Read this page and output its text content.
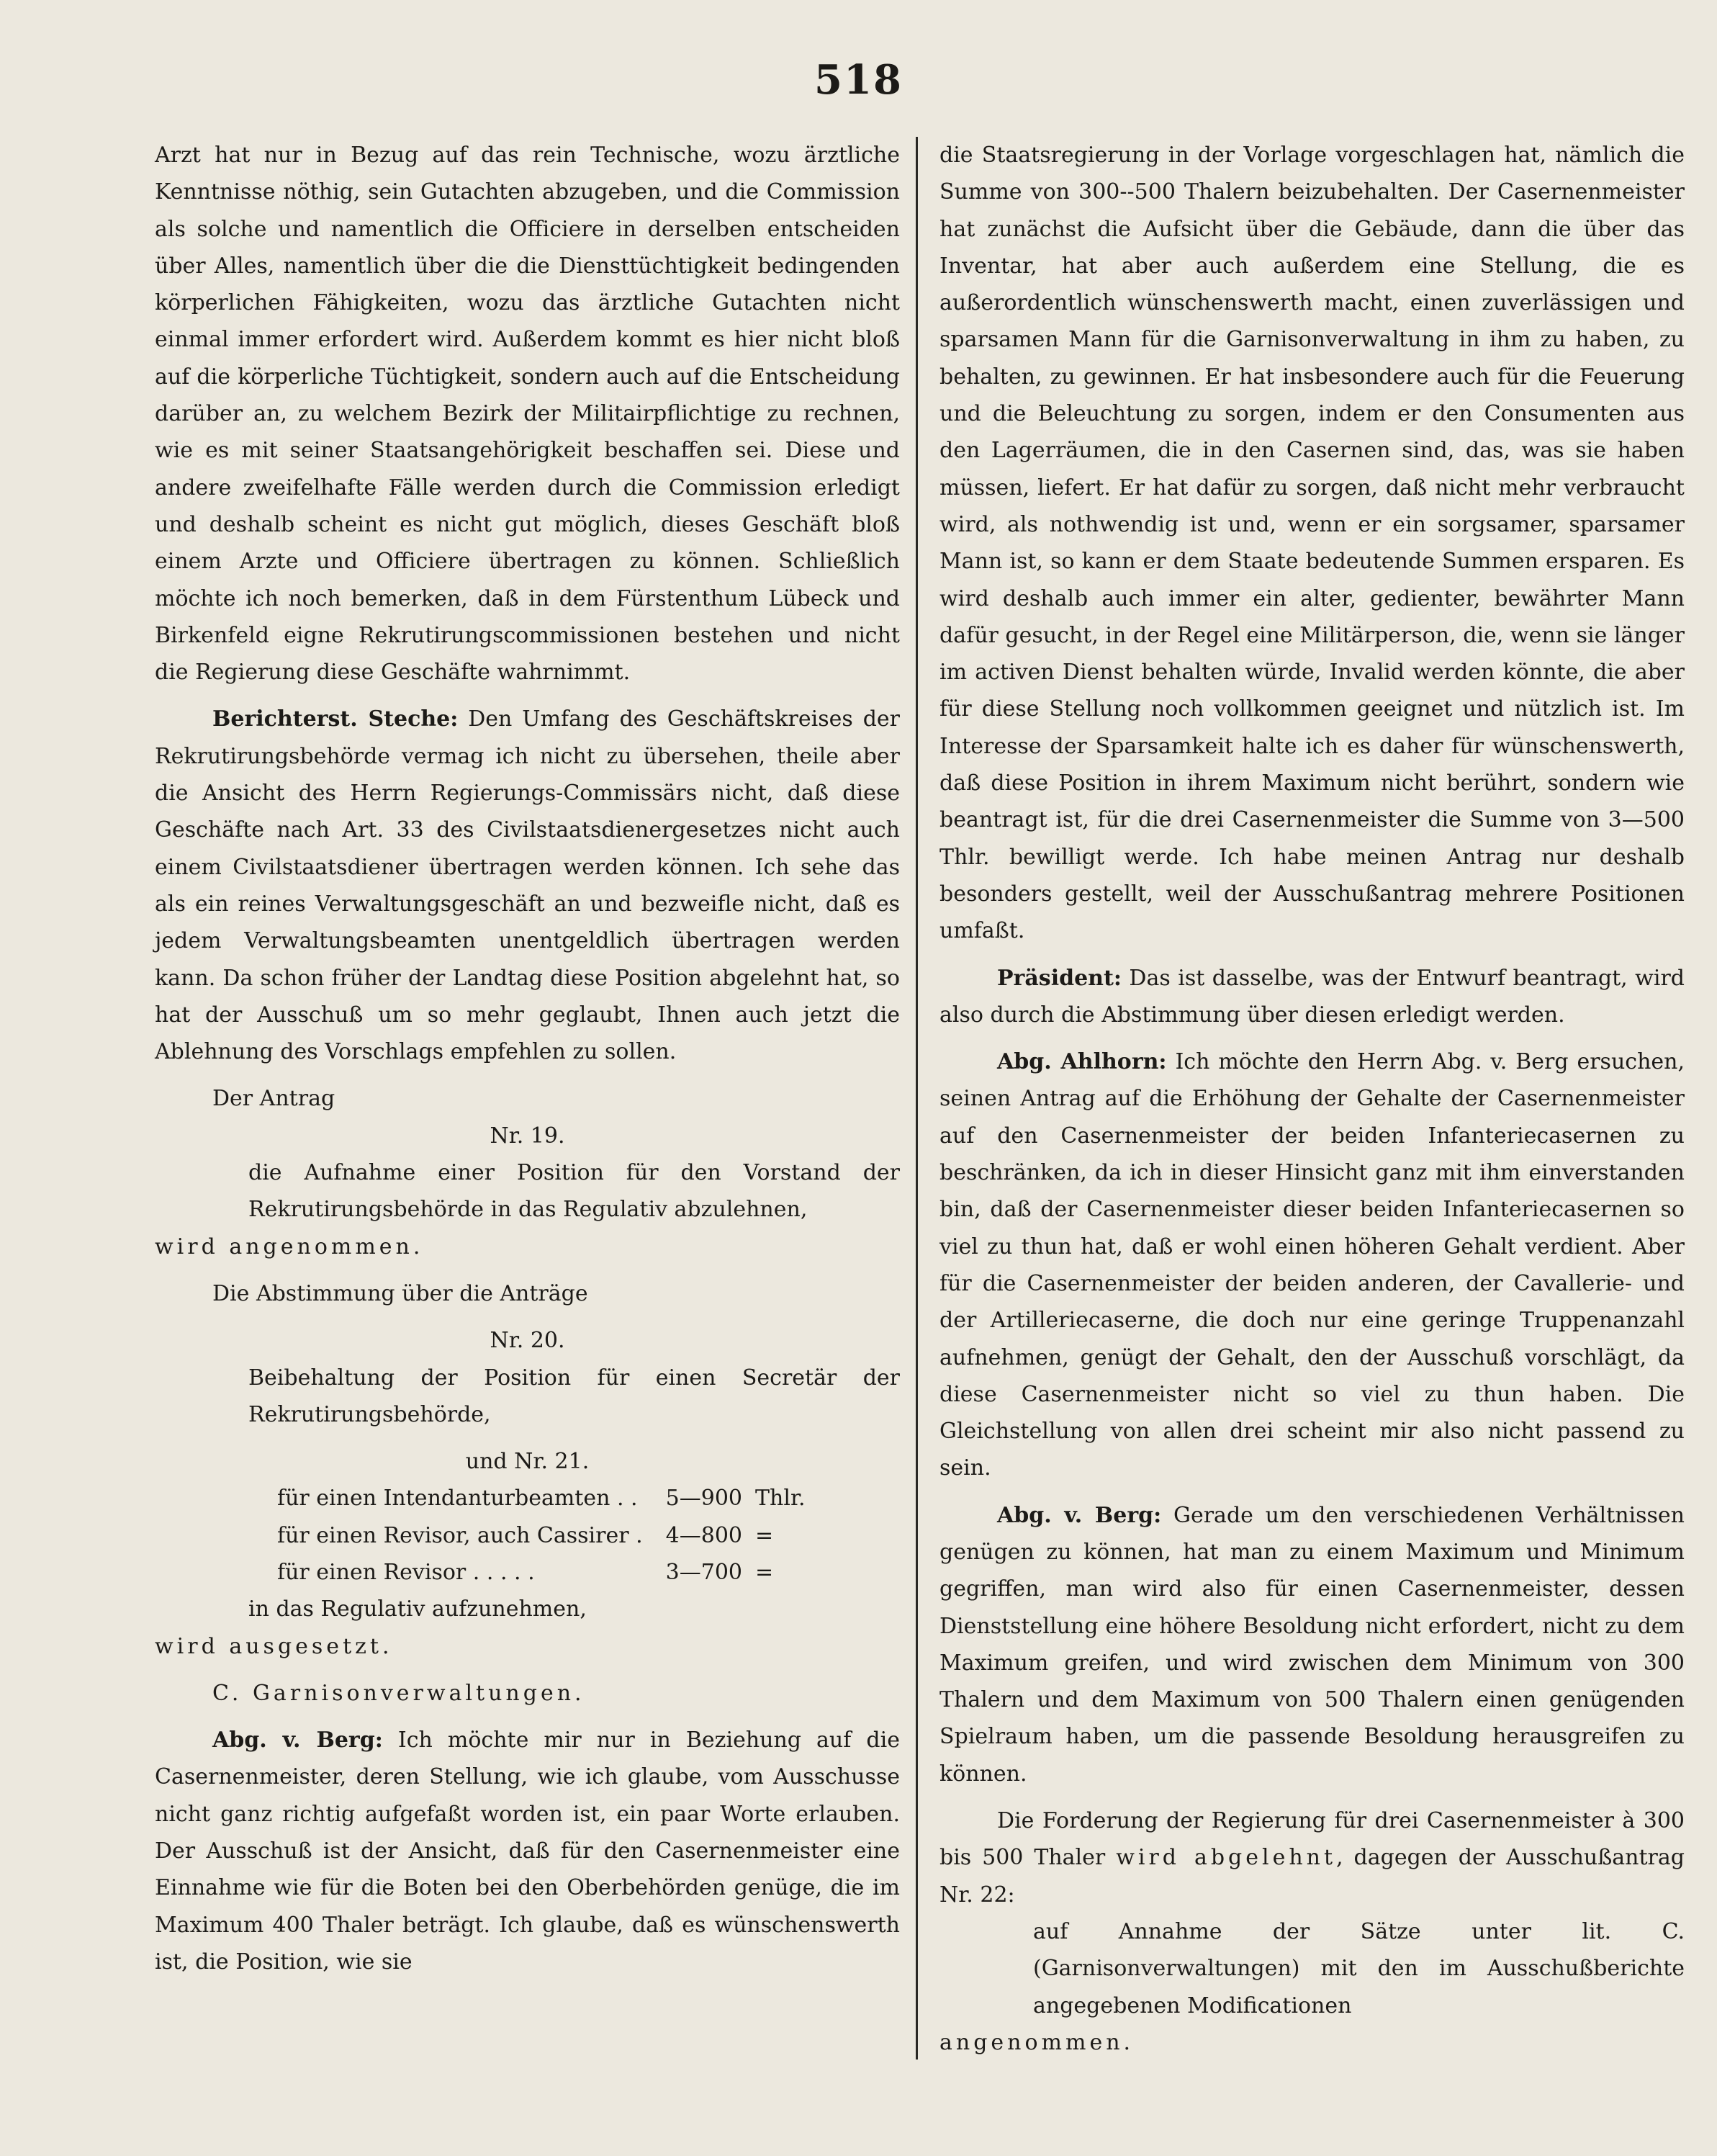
518

Arzt hat nur in Bezug auf das rein Technische, wozu ärztliche Kenntnisse nöthig, sein Gutachten abzugeben, und die Commission als solche und namentlich die Officiere in derselben entscheiden über Alles, namentlich über die die Diensttüchtigkeit bedingenden körperlichen Fähigkeiten, wozu das ärztliche Gutachten nicht einmal immer erfordert wird. Außerdem kommt es hier nicht bloß auf die körperliche Tüchtigkeit, sondern auch auf die Entscheidung darüber an, zu welchem Bezirk der Militairpflichtige zu rechnen, wie es mit seiner Staatsangehörigkeit beschaffen sei. Diese und andere zweifelhafte Fälle werden durch die Commission erledigt und deshalb scheint es nicht gut möglich, dieses Geschäft bloß einem Arzte und Officiere übertragen zu können. Schließlich möchte ich noch bemerken, daß in dem Fürstenthum Lübeck und Birkenfeld eigne Rekrutirungscommissionen bestehen und nicht die Regierung diese Geschäfte wahrnimmt.

Berichterst. Steche: Den Umfang des Geschäftskreises der Rekrutirungsbehörde vermag ich nicht zu übersehen, theile aber die Ansicht des Herrn Regierungs-Commissärs nicht, daß diese Geschäfte nach Art. 33 des Civilstaatsdienergesetzes nicht auch einem Civilstaatsdiener übertragen werden können. Ich sehe das als ein reines Verwaltungsgeschäft an und bezweifle nicht, daß es jedem Verwaltungsbeamten unentgeldlich übertragen werden kann. Da schon früher der Landtag diese Position abgelehnt hat, so hat der Ausschuß um so mehr geglaubt, Ihnen auch jetzt die Ablehnung des Vorschlags empfehlen zu sollen.

Der Antrag

Nr. 19.

die Aufnahme einer Position für den Vorstand der Rekrutirungsbehörde in das Regulativ abzulehnen,

wird angenommen.

Die Abstimmung über die Anträge

Nr. 20.

Beibehaltung der Position für einen Secretär der Rekrutirungsbehörde,

und Nr. 21.

für einen Intendanturbeamten . .	5—900	Thlr.
für einen Revisor, auch Cassirer .	4—800	=
für einen Revisor . . . . .	3—700	=

in das Regulativ aufzunehmen,

wird ausgesetzt.

C. Garnisonverwaltungen.

Abg. v. Berg: Ich möchte mir nur in Beziehung auf die Casernenmeister, deren Stellung, wie ich glaube, vom Ausschusse nicht ganz richtig aufgefaßt worden ist, ein paar Worte erlauben. Der Ausschuß ist der Ansicht, daß für den Casernenmeister eine Einnahme wie für die Boten bei den Oberbehörden genüge, die im Maximum 400 Thaler beträgt. Ich glaube, daß es wünschenswerth ist, die Position, wie sie

die Staatsregierung in der Vorlage vorgeschlagen hat, nämlich die Summe von 300--500 Thalern beizubehalten. Der Casernenmeister hat zunächst die Aufsicht über die Gebäude, dann die über das Inventar, hat aber auch außerdem eine Stellung, die es außerordentlich wünschenswerth macht, einen zuverlässigen und sparsamen Mann für die Garnisonverwaltung in ihm zu haben, zu behalten, zu gewinnen. Er hat insbesondere auch für die Feuerung und die Beleuchtung zu sorgen, indem er den Consumenten aus den Lagerräumen, die in den Casernen sind, das, was sie haben müssen, liefert. Er hat dafür zu sorgen, daß nicht mehr verbraucht wird, als nothwendig ist und, wenn er ein sorgsamer, sparsamer Mann ist, so kann er dem Staate bedeutende Summen ersparen. Es wird deshalb auch immer ein alter, gedienter, bewährter Mann dafür gesucht, in der Regel eine Militärperson, die, wenn sie länger im activen Dienst behalten würde, Invalid werden könnte, die aber für diese Stellung noch vollkommen geeignet und nützlich ist. Im Interesse der Sparsamkeit halte ich es daher für wünschenswerth, daß diese Position in ihrem Maximum nicht berührt, sondern wie beantragt ist, für die drei Casernenmeister die Summe von 3—500 Thlr. bewilligt werde. Ich habe meinen Antrag nur deshalb besonders gestellt, weil der Ausschußantrag mehrere Positionen umfaßt.

Präsident: Das ist dasselbe, was der Entwurf beantragt, wird also durch die Abstimmung über diesen erledigt werden.

Abg. Ahlhorn: Ich möchte den Herrn Abg. v. Berg ersuchen, seinen Antrag auf die Erhöhung der Gehalte der Casernenmeister auf den Casernenmeister der beiden Infanteriecasernen zu beschränken, da ich in dieser Hinsicht ganz mit ihm einverstanden bin, daß der Casernenmeister dieser beiden Infanteriecasernen so viel zu thun hat, daß er wohl einen höheren Gehalt verdient. Aber für die Casernenmeister der beiden anderen, der Cavallerie- und der Artilleriecaserne, die doch nur eine geringe Truppenanzahl aufnehmen, genügt der Gehalt, den der Ausschuß vorschlägt, da diese Casernenmeister nicht so viel zu thun haben. Die Gleichstellung von allen drei scheint mir also nicht passend zu sein.

Abg. v. Berg: Gerade um den verschiedenen Verhältnissen genügen zu können, hat man zu einem Maximum und Minimum gegriffen, man wird also für einen Casernenmeister, dessen Dienststellung eine höhere Besoldung nicht erfordert, nicht zu dem Maximum greifen, und wird zwischen dem Minimum von 300 Thalern und dem Maximum von 500 Thalern einen genügenden Spielraum haben, um die passende Besoldung herausgreifen zu können.

Die Forderung der Regierung für drei Casernenmeister à 300 bis 500 Thaler wird abgelehnt, dagegen der Ausschußantrag Nr. 22:

auf Annahme der Sätze unter lit. C. (Garnisonverwaltungen) mit den im Ausschußberichte angegebenen Modificationen

angenommen.
